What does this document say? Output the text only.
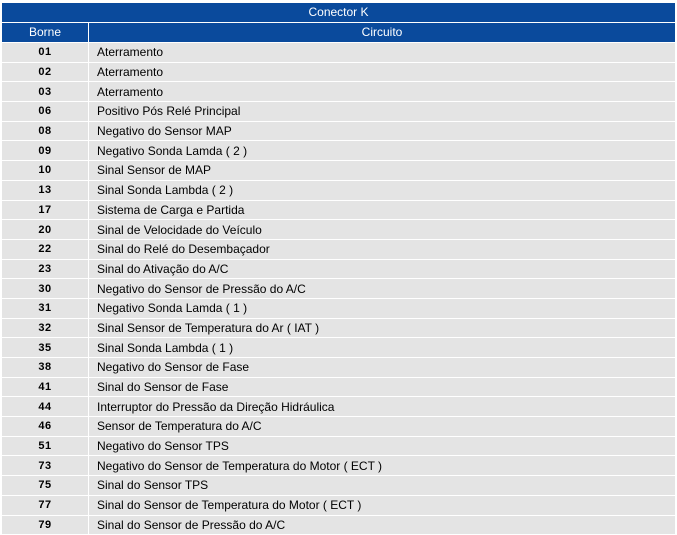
Conector K	
Borne	Circuito
01	Aterramento
02	Aterramento
03	Aterramento
06	Positivo Pós Relé Principal
08	Negativo do Sensor MAP
09	Negativo Sonda Lamda ( 2 )
10	Sinal Sensor de MAP
13	Sinal Sonda Lambda ( 2 )
17	Sistema de Carga e Partida
20	Sinal de Velocidade do Veículo
22	Sinal do Relé do Desembaçador
23	Sinal do Ativação do A/C
30	Negativo do Sensor de Pressão do A/C
31	Negativo Sonda Lamda ( 1 )
32	Sinal Sensor de Temperatura do Ar ( IAT )
35	Sinal Sonda Lambda ( 1 )
38	Negativo do Sensor de Fase
41	Sinal do Sensor de Fase
44	Interruptor do Pressão da Direção Hidráulica
46	Sensor de Temperatura do A/C
51	Negativo do Sensor TPS
73	Negativo do Sensor de Temperatura do Motor ( ECT )
75	Sinal do Sensor TPS
77	Sinal do Sensor de Temperatura do Motor ( ECT )
79	Sinal do Sensor de Pressão do A/C
